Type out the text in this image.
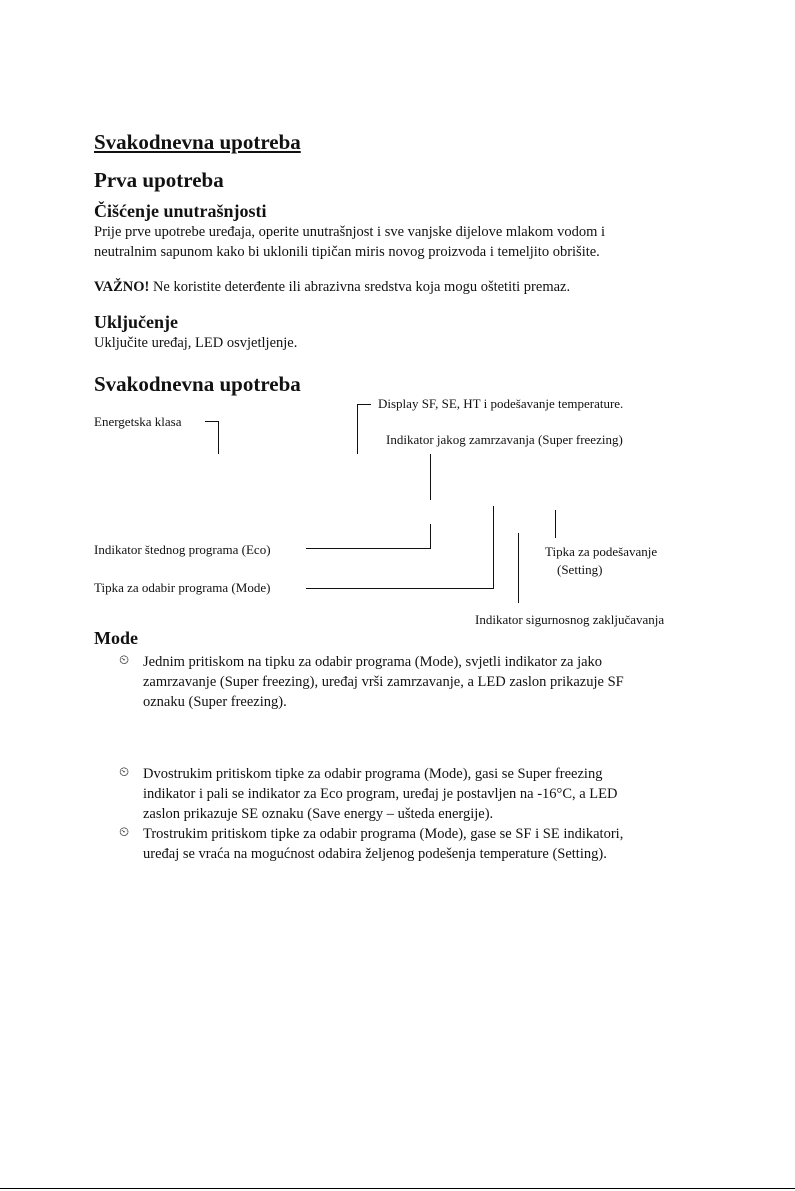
Svakodnevna upotreba
Prva upotreba
Čišćenje unutrašnjosti
Prije prve upotrebe uređaja, operite unutrašnjost i sve vanjske dijelove mlakom vodom i
neutralnim sapunom kako bi uklonili tipičan miris novog proizvoda i temeljito obrišite.
VAŽNO! Ne koristite deterđente ili abrazivna sredstva koja mogu oštetiti premaz.
Uključenje
Uključite uređaj, LED osvjetljenje.
Svakodnevna upotreba
Display SF, SE, HT i podešavanje temperature.
Energetska klasa
Indikator jakog zamrzavanja (Super freezing)
Indikator štednog programa (Eco)
Tipka za odabir programa (Mode)
Tipka za podešavanje
(Setting)
Indikator sigurnosnog zaključavanja
Mode
⏲ Jednim pritiskom na tipku za odabir programa (Mode), svjetli indikator za jako
zamrzavanje (Super freezing), uređaj vrši zamrzavanje, a LED zaslon prikazuje SF
oznaku (Super freezing).
⏲ Dvostrukim pritiskom tipke za odabir programa (Mode), gasi se Super freezing
indikator i pali se indikator za Eco program, uređaj je postavljen na -16°C, a LED
zaslon prikazuje SE oznaku (Save energy – ušteda energije).
⏲ Trostrukim pritiskom tipke za odabir programa (Mode), gase se SF i SE indikatori,
uređaj se vraća na mogućnost odabira željenog podešenja temperature (Setting).
